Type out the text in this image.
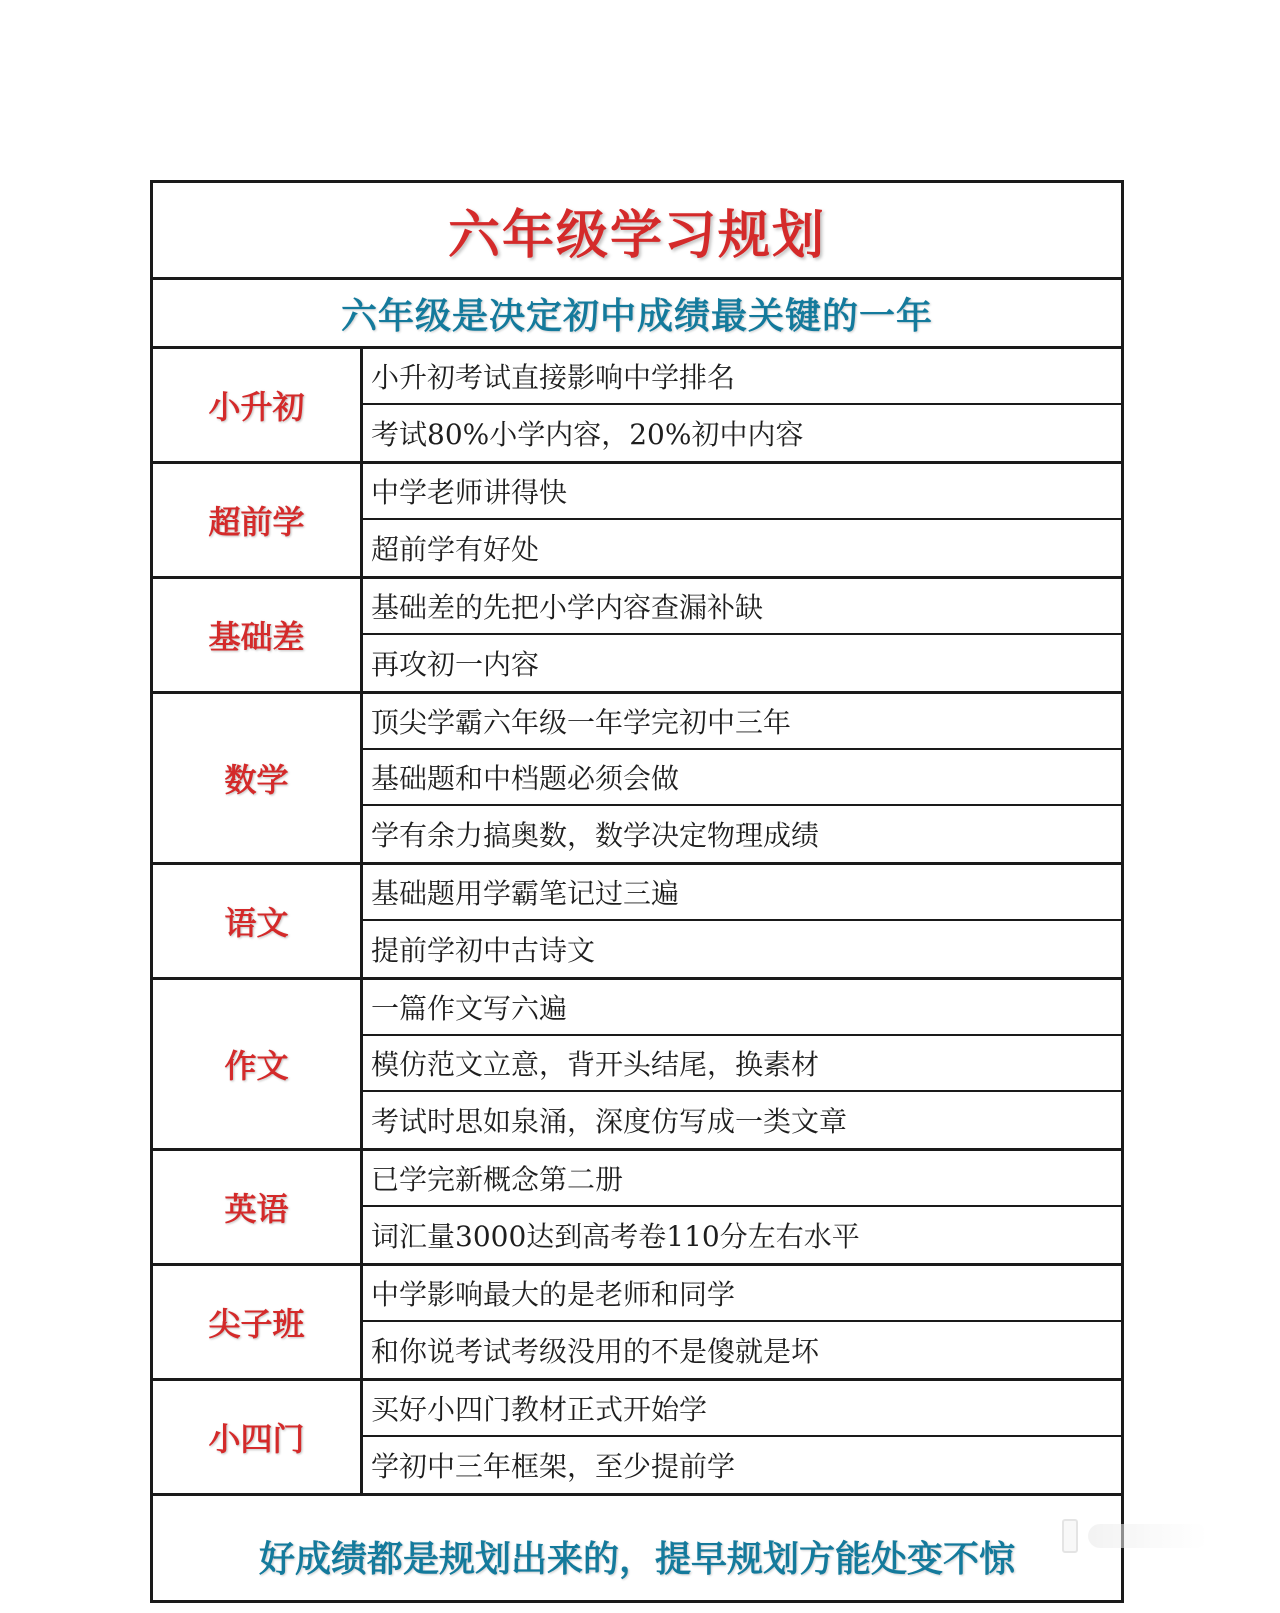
六年级学习规划
六年级是决定初中成绩最关键的一年
小升初
小升初考试直接影响中学排名
考试80%小学内容，20%初中内容
超前学
中学老师讲得快
超前学有好处
基础差
基础差的先把小学内容查漏补缺
再攻初一内容
数学
顶尖学霸六年级一年学完初中三年
基础题和中档题必须会做
学有余力搞奥数，数学决定物理成绩
语文
基础题用学霸笔记过三遍
提前学初中古诗文
作文
一篇作文写六遍
模仿范文立意，背开头结尾，换素材
考试时思如泉涌，深度仿写成一类文章
英语
已学完新概念第二册
词汇量3000达到高考卷110分左右水平
尖子班
中学影响最大的是老师和同学
和你说考试考级没用的不是傻就是坏
小四门
买好小四门教材正式开始学
学初中三年框架，至少提前学
好成绩都是规划出来的，提早规划方能处变不惊
